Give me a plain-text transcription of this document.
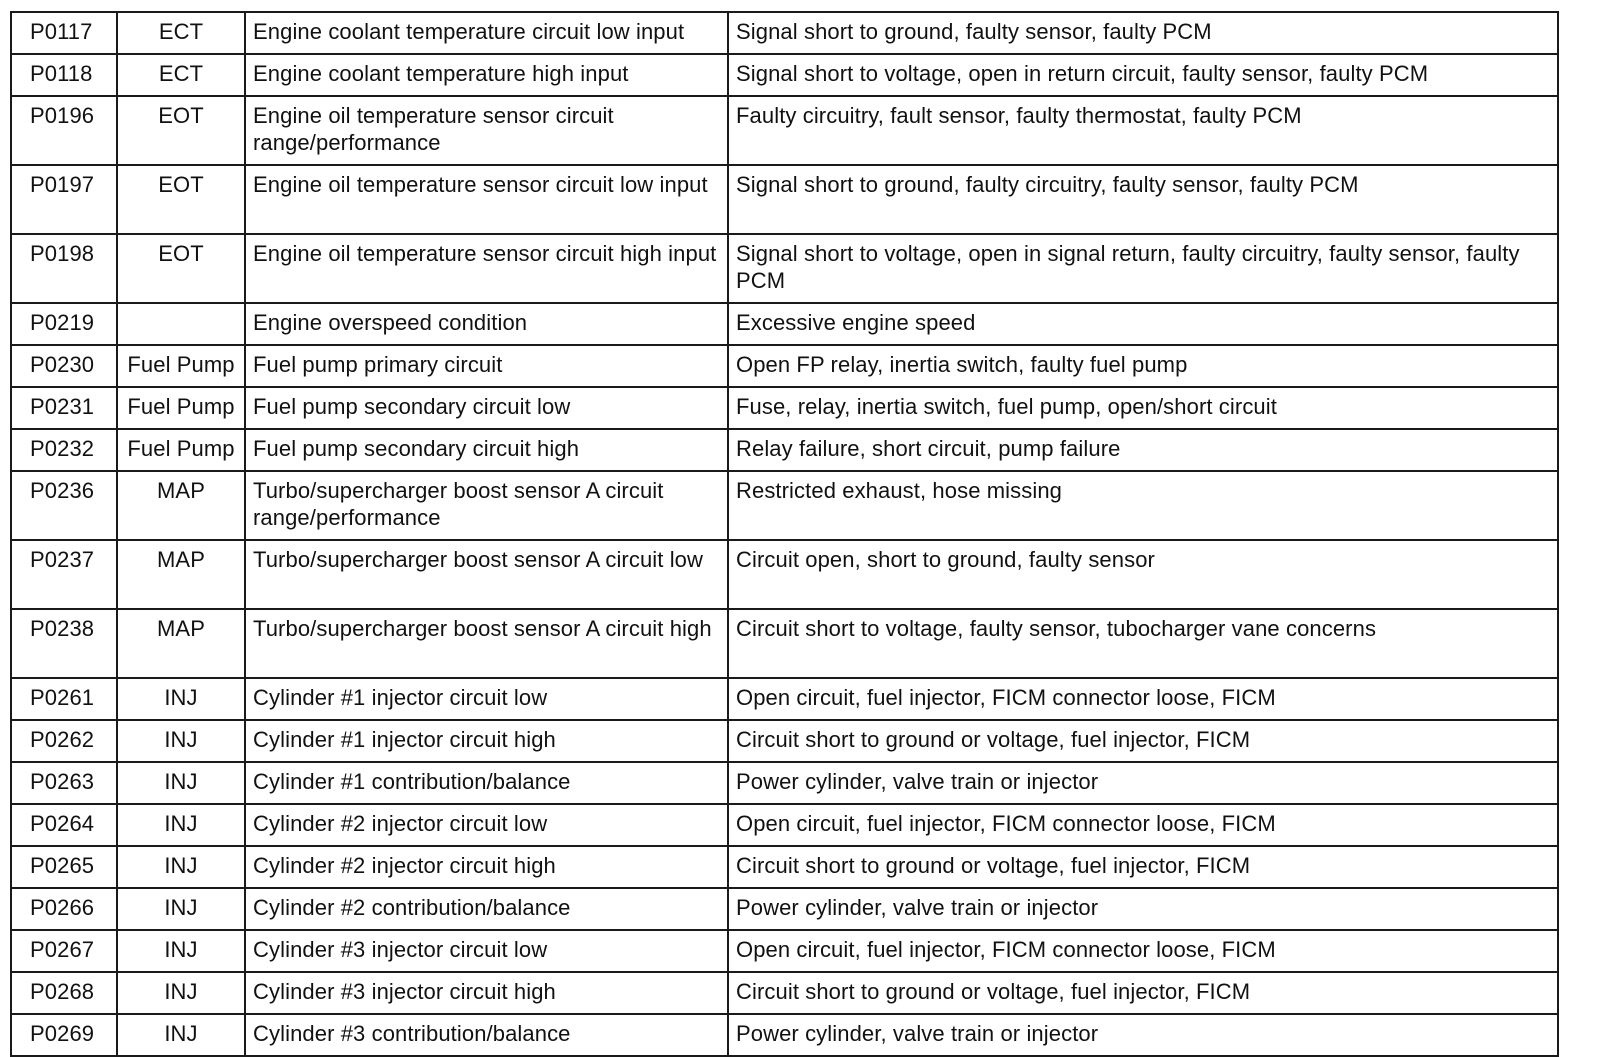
P0117	ECT	Engine coolant temperature circuit low input	Signal short to ground, faulty sensor, faulty PCM
P0118	ECT	Engine coolant temperature high input	Signal short to voltage, open in return circuit, faulty sensor, faulty PCM
P0196	EOT	Engine oil temperature sensor circuit range/performance	Faulty circuitry, fault sensor, faulty thermostat, faulty PCM
P0197	EOT	Engine oil temperature sensor circuit low input	Signal short to ground, faulty circuitry, faulty sensor, faulty PCM
P0198	EOT	Engine oil temperature sensor circuit high input	Signal short to voltage, open in signal return, faulty circuitry, faulty sensor, faulty PCM
P0219		Engine overspeed condition	Excessive engine speed
P0230	Fuel Pump	Fuel pump primary circuit	Open FP relay, inertia switch, faulty fuel pump
P0231	Fuel Pump	Fuel pump secondary circuit low	Fuse, relay, inertia switch, fuel pump, open/short circuit
P0232	Fuel Pump	Fuel pump secondary circuit high	Relay failure, short circuit, pump failure
P0236	MAP	Turbo/supercharger boost sensor A circuit range/performance	Restricted exhaust, hose missing
P0237	MAP	Turbo/supercharger boost sensor A circuit low	Circuit open, short to ground, faulty sensor
P0238	MAP	Turbo/supercharger boost sensor A circuit high	Circuit short to voltage, faulty sensor, tubocharger vane concerns
P0261	INJ	Cylinder #1 injector circuit low	Open circuit, fuel injector, FICM connector loose, FICM
P0262	INJ	Cylinder #1 injector circuit high	Circuit short to ground or voltage, fuel injector, FICM
P0263	INJ	Cylinder #1 contribution/balance	Power cylinder, valve train or injector
P0264	INJ	Cylinder #2 injector circuit low	Open circuit, fuel injector, FICM connector loose, FICM
P0265	INJ	Cylinder #2 injector circuit high	Circuit short to ground or voltage, fuel injector, FICM
P0266	INJ	Cylinder #2 contribution/balance	Power cylinder, valve train or injector
P0267	INJ	Cylinder #3 injector circuit low	Open circuit, fuel injector, FICM connector loose, FICM
P0268	INJ	Cylinder #3 injector circuit high	Circuit short to ground or voltage, fuel injector, FICM
P0269	INJ	Cylinder #3 contribution/balance	Power cylinder, valve train or injector
